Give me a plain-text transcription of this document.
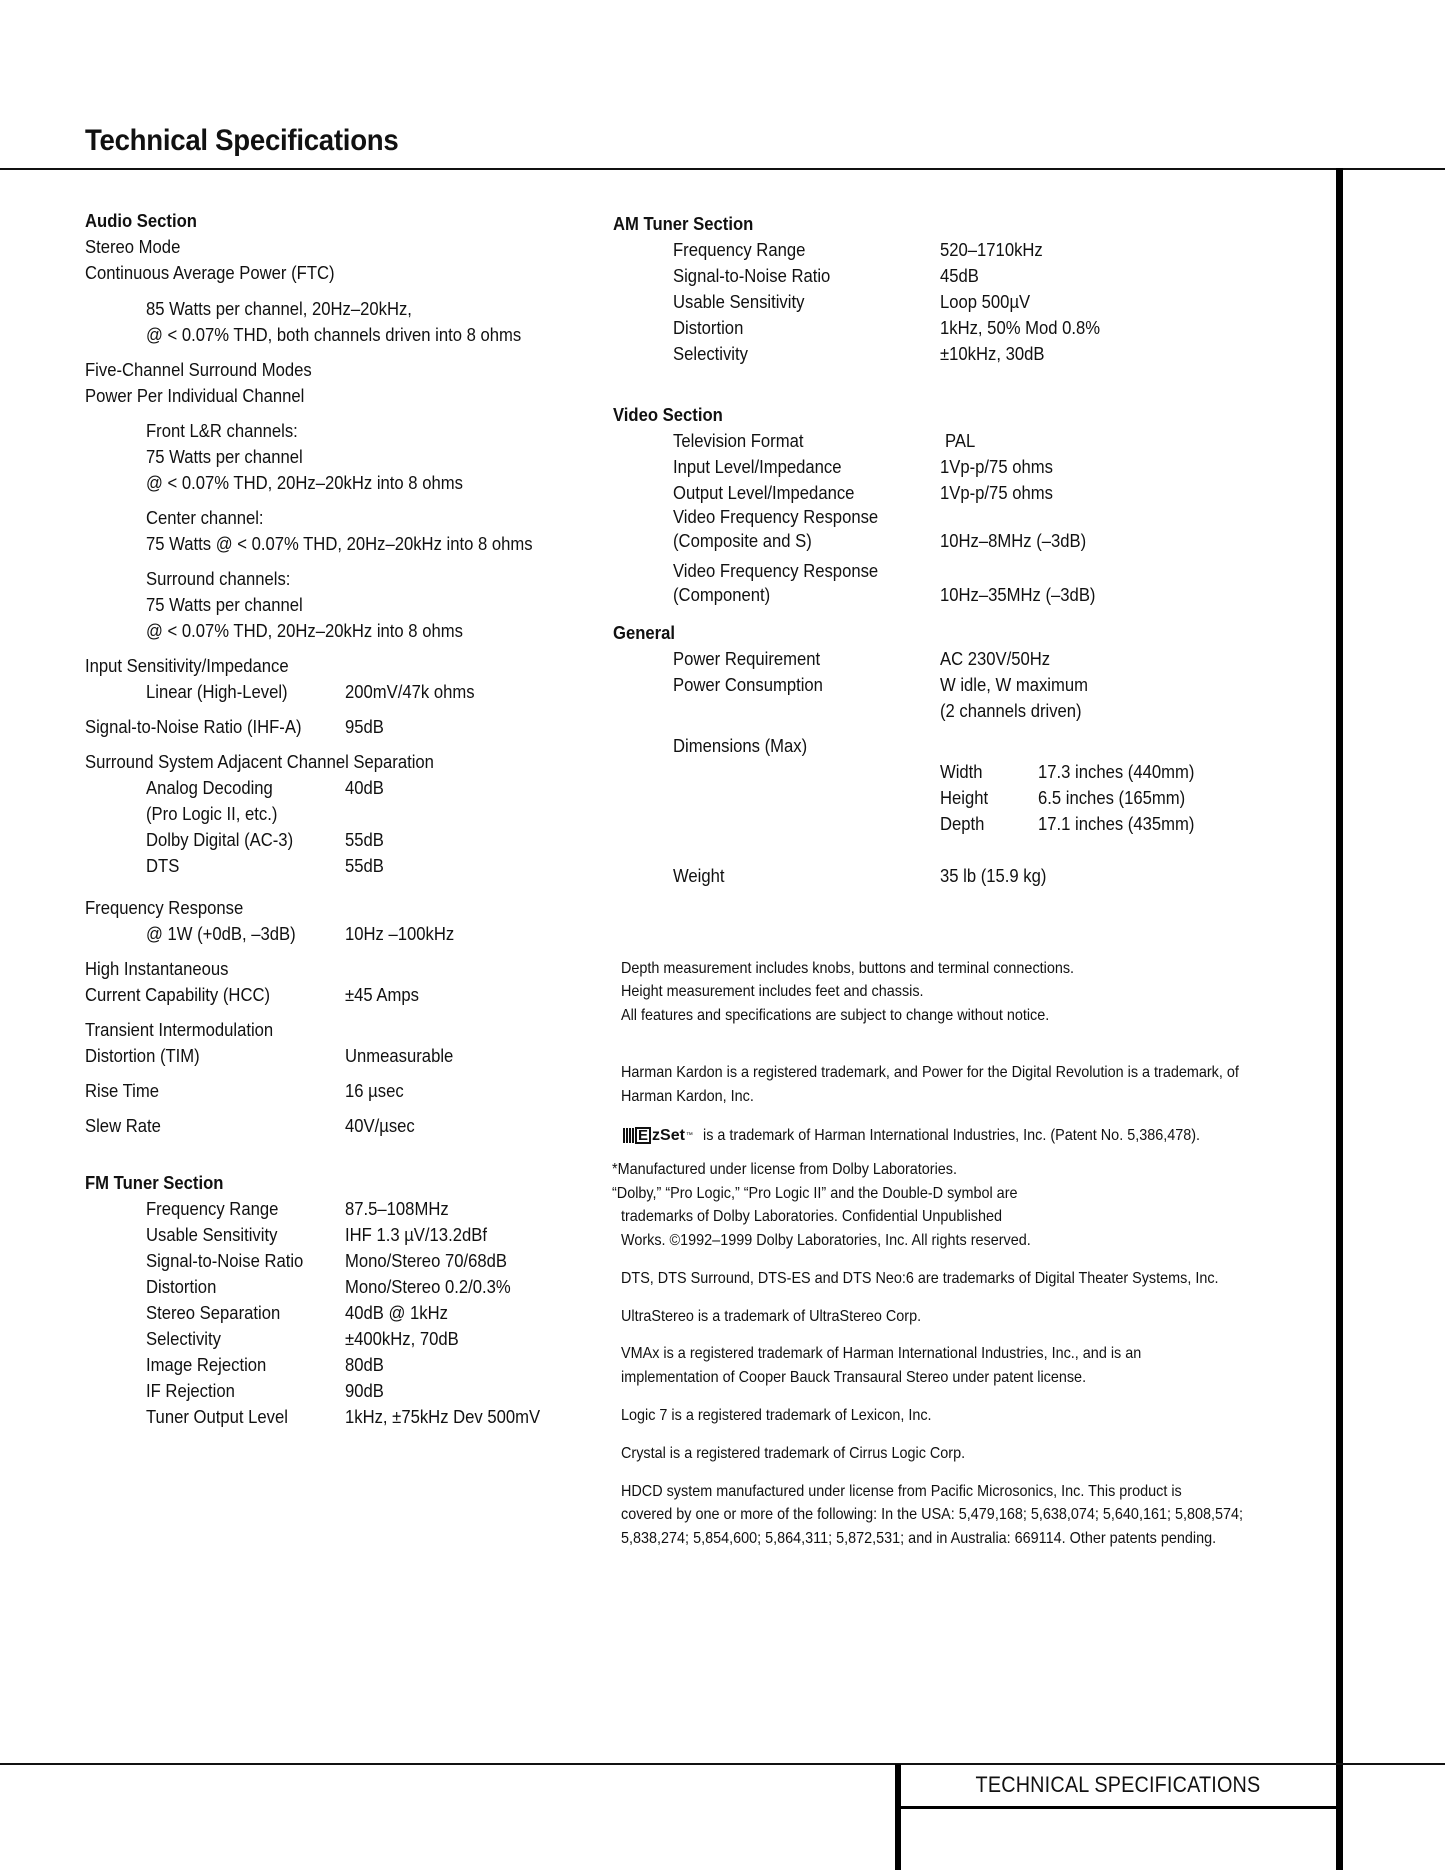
Technical Specifications
TECHNICAL SPECIFICATIONS
Audio Section
Stereo Mode
Continuous Average Power (FTC)
85 Watts per channel, 20Hz–20kHz,
@ < 0.07% THD, both channels driven into 8 ohms
Five-Channel Surround Modes
Power Per Individual Channel
Front L&R channels:
75 Watts per channel
@ < 0.07% THD, 20Hz–20kHz into 8 ohms
Center channel:
75 Watts @ < 0.07% THD, 20Hz–20kHz into 8 ohms
Surround channels:
75 Watts per channel
@ < 0.07% THD, 20Hz–20kHz into 8 ohms
Input Sensitivity/Impedance
Linear (High-Level)	200mV/47k ohms
Signal-to-Noise Ratio (IHF-A)	95dB
Surround System Adjacent Channel Separation
Analog Decoding	40dB
(Pro Logic II, etc.)
Dolby Digital (AC-3)	55dB
DTS	55dB
Frequency Response
@ 1W (+0dB, –3dB)	10Hz –100kHz
High Instantaneous
Current Capability (HCC)	±45 Amps
Transient Intermodulation
Distortion (TIM)	Unmeasurable
Rise Time	16 µsec
Slew Rate	40V/µsec
FM Tuner Section
Frequency Range	87.5–108MHz
Usable Sensitivity	IHF 1.3 µV/13.2dBf
Signal-to-Noise Ratio	Mono/Stereo 70/68dB
Distortion	Mono/Stereo 0.2/0.3%
Stereo Separation	40dB @ 1kHz
Selectivity	±400kHz, 70dB
Image Rejection	80dB
IF Rejection	90dB
Tuner Output Level	1kHz, ±75kHz Dev 500mV
AM Tuner Section
Frequency Range	520–1710kHz
Signal-to-Noise Ratio	45dB
Usable Sensitivity	Loop 500µV
Distortion	1kHz, 50% Mod 0.8%
Selectivity	±10kHz, 30dB
Video Section
Television Format	PAL
Input Level/Impedance	1Vp-p/75 ohms
Output Level/Impedance	1Vp-p/75 ohms
Video Frequency Response
(Composite and S)	10Hz–8MHz (–3dB)
Video Frequency Response
(Component)	10Hz–35MHz (–3dB)
General
Power Requirement	AC 230V/50Hz
Power Consumption	W idle, W maximum
(2 channels driven)
Dimensions (Max)
Width	17.3 inches (440mm)
Height	6.5 inches (165mm)
Depth	17.1 inches (435mm)
Weight	35 lb (15.9 kg)
Depth measurement includes knobs, buttons and terminal connections.
Height measurement includes feet and chassis.
All features and specifications are subject to change without notice.
Harman Kardon is a registered trademark, and Power for the Digital Revolution is a trademark, of
Harman Kardon, Inc.
E zSet ™ is a trademark of Harman International Industries, Inc. (Patent No. 5,386,478).
*Manufactured under license from Dolby Laboratories.
“Dolby,” “Pro Logic,” “Pro Logic II” and the Double-D symbol are
trademarks of Dolby Laboratories. Confidential Unpublished
Works. ©1992–1999 Dolby Laboratories, Inc. All rights reserved.
DTS, DTS Surround, DTS-ES and DTS Neo:6 are trademarks of Digital Theater Systems, Inc.
UltraStereo is a trademark of UltraStereo Corp.
VMAx is a registered trademark of Harman International Industries, Inc., and is an
implementation of Cooper Bauck Transaural Stereo under patent license.
Logic 7 is a registered trademark of Lexicon, Inc.
Crystal is a registered trademark of Cirrus Logic Corp.
HDCD system manufactured under license from Pacific Microsonics, Inc. This product is
covered by one or more of the following: In the USA: 5,479,168; 5,638,074; 5,640,161; 5,808,574;
5,838,274; 5,854,600; 5,864,311; 5,872,531; and in Australia: 669114. Other patents pending.
